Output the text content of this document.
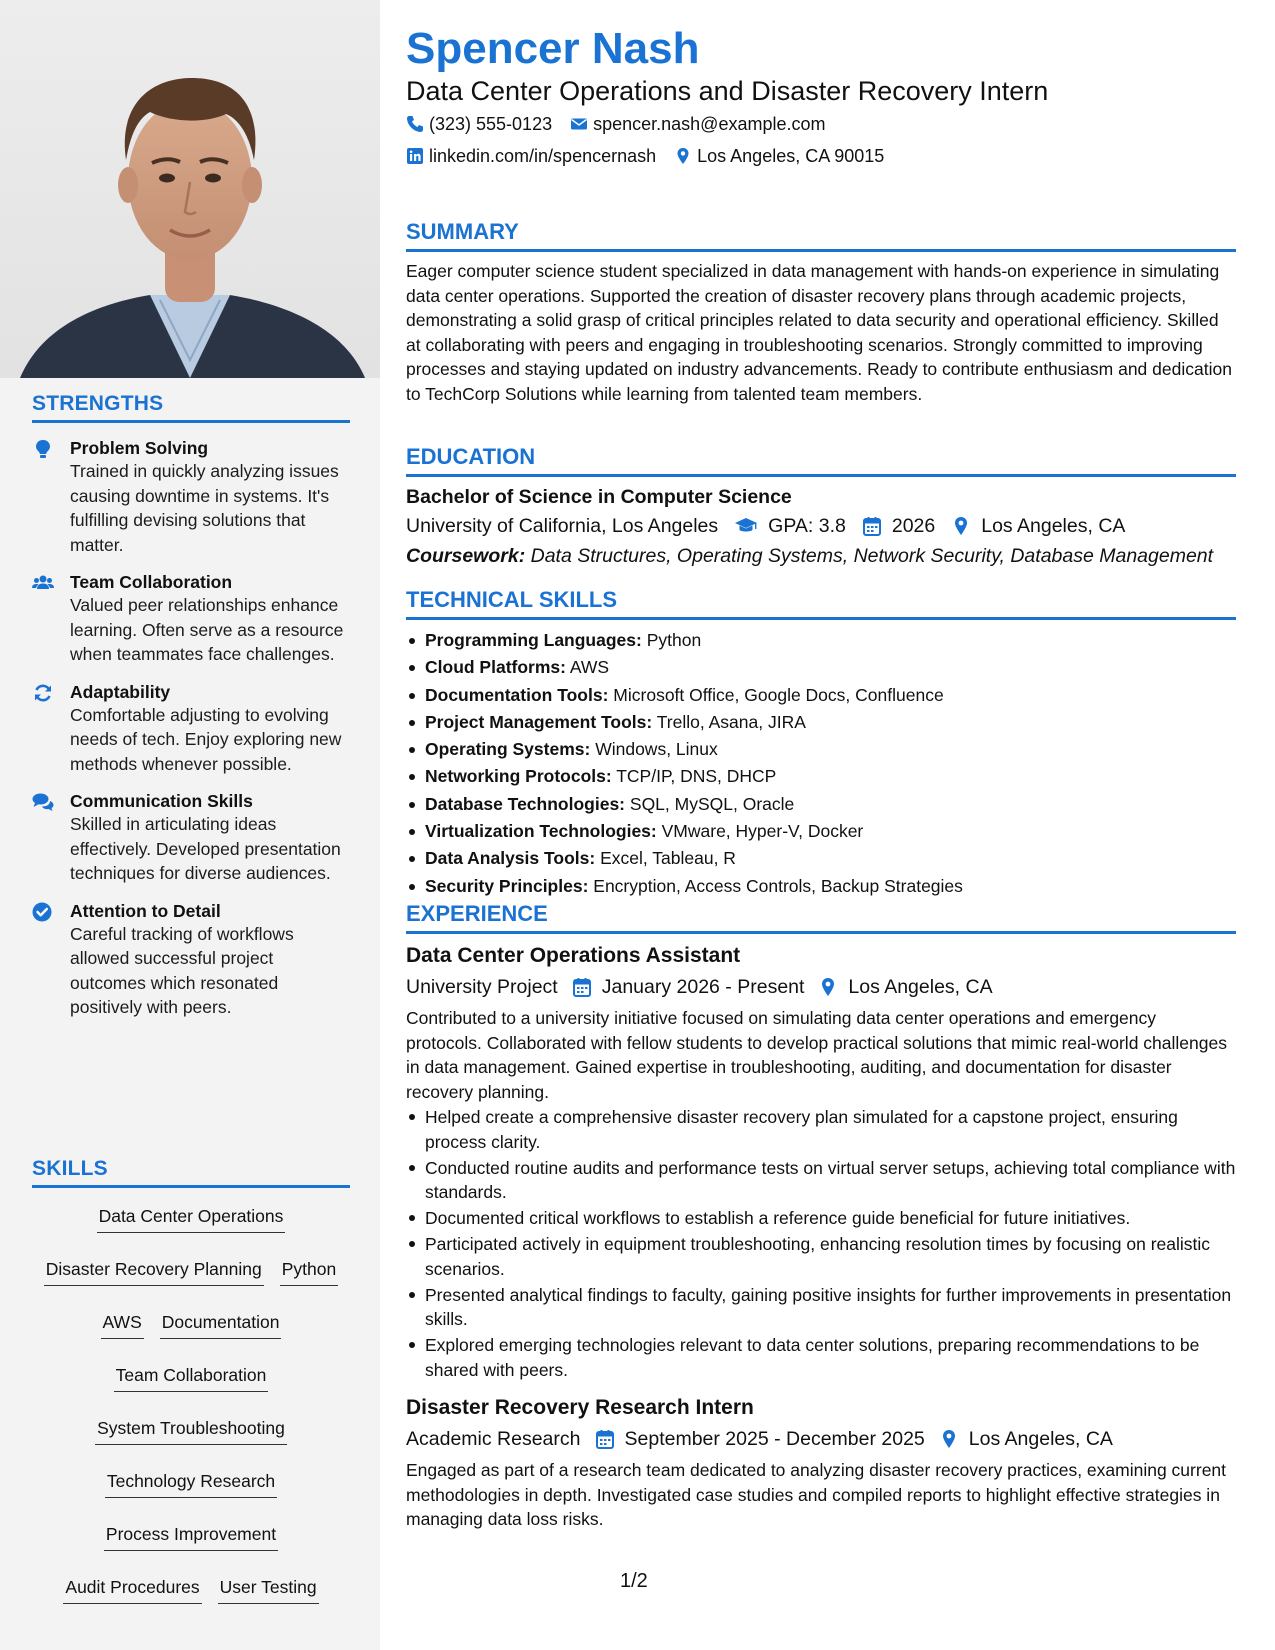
STRENGTHS
Problem Solving
Trained in quickly analyzing issues causing downtime in systems. It's fulfilling devising solutions that matter.
Team Collaboration
Valued peer relationships enhance learning. Often serve as a resource when teammates face challenges.
Adaptability
Comfortable adjusting to evolving needs of tech. Enjoy exploring new methods whenever possible.
Communication Skills
Skilled in articulating ideas effectively. Developed presentation techniques for diverse audiences.
Attention to Detail
Careful tracking of workflows allowed successful project outcomes which resonated positively with peers.
SKILLS
Data Center Operations
Disaster Recovery Planning Python
AWS Documentation
Team Collaboration
System Troubleshooting
Technology Research
Process Improvement
Audit Procedures User Testing
Spencer Nash
Data Center Operations and Disaster Recovery Intern
(323) 555-0123 spencer.nash@example.com
linkedin.com/in/spencernash Los Angeles, CA 90015
SUMMARY
Eager computer science student specialized in data management with hands-on experience in simulating data center operations. Supported the creation of disaster recovery plans through academic projects, demonstrating a solid grasp of critical principles related to data security and operational efficiency. Skilled at collaborating with peers and engaging in troubleshooting scenarios. Strongly committed to improving processes and staying updated on industry advancements. Ready to contribute enthusiasm and dedication to TechCorp Solutions while learning from talented team members.
EDUCATION
Bachelor of Science in Computer Science
University of California, Los Angeles	GPA: 3.8 2026 Los Angeles, CA
Coursework: Data Structures, Operating Systems, Network Security, Database Management
TECHNICAL SKILLS
Programming Languages: Python
Cloud Platforms: AWS
Documentation Tools: Microsoft Office, Google Docs, Confluence
Project Management Tools: Trello, Asana, JIRA
Operating Systems: Windows, Linux
Networking Protocols: TCP/IP, DNS, DHCP
Database Technologies: SQL, MySQL, Oracle
Virtualization Technologies: VMware, Hyper-V, Docker
Data Analysis Tools: Excel, Tableau, R
Security Principles: Encryption, Access Controls, Backup Strategies
EXPERIENCE
Data Center Operations Assistant
University Project January 2026 - Present Los Angeles, CA
Contributed to a university initiative focused on simulating data center operations and emergency protocols. Collaborated with fellow students to develop practical solutions that mimic real-world challenges in data management. Gained expertise in troubleshooting, auditing, and documentation for disaster recovery planning.
Helped create a comprehensive disaster recovery plan simulated for a capstone project, ensuring process clarity.
Conducted routine audits and performance tests on virtual server setups, achieving total compliance with standards.
Documented critical workflows to establish a reference guide beneficial for future initiatives.
Participated actively in equipment troubleshooting, enhancing resolution times by focusing on realistic scenarios.
Presented analytical findings to faculty, gaining positive insights for further improvements in presentation skills.
Explored emerging technologies relevant to data center solutions, preparing recommendations to be shared with peers.
Disaster Recovery Research Intern
Academic Research September 2025 - December 2025 Los Angeles, CA
Engaged as part of a research team dedicated to analyzing disaster recovery practices, examining current methodologies in depth. Investigated case studies and compiled reports to highlight effective strategies in managing data loss risks.
1/2
